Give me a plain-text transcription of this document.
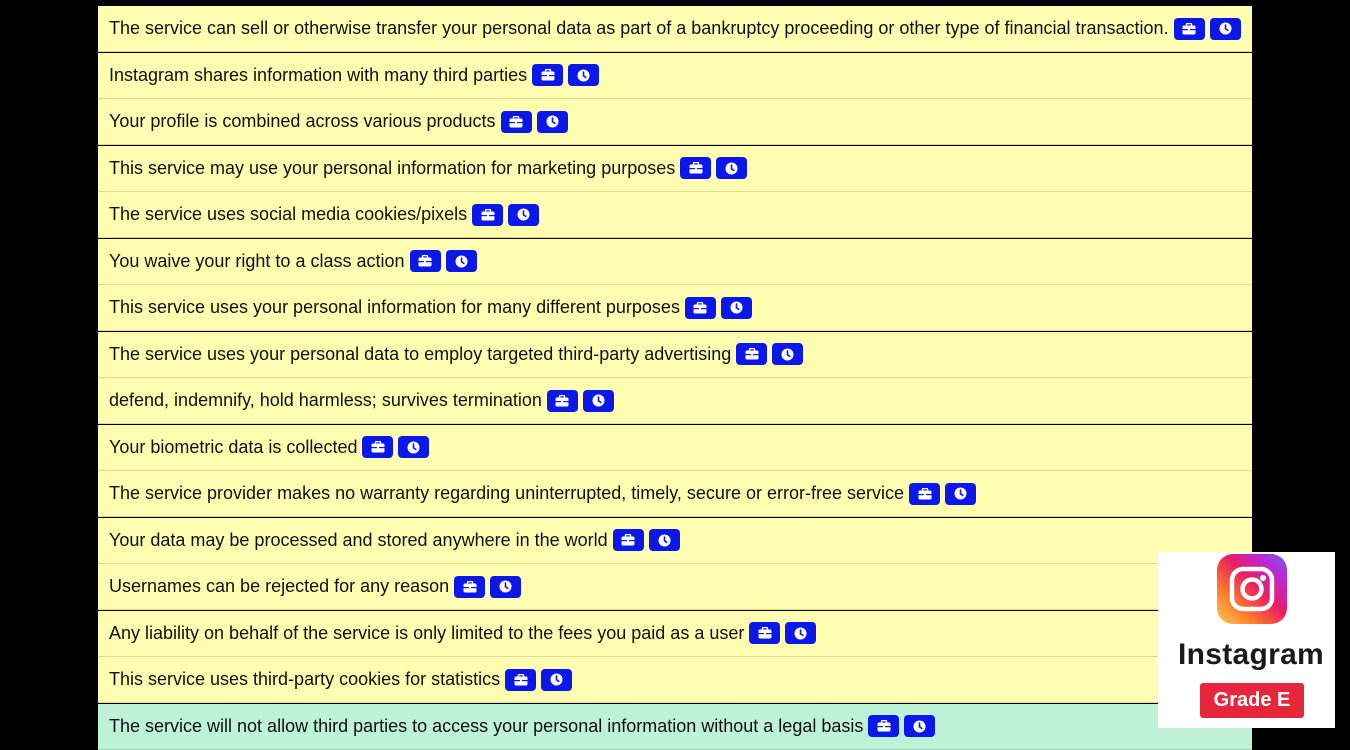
The service can sell or otherwise transfer your personal data as part of a bankruptcy proceeding or other type of financial transaction.
Instagram shares information with many third parties
Your profile is combined across various products
This service may use your personal information for marketing purposes
The service uses social media cookies/pixels
You waive your right to a class action
This service uses your personal information for many different purposes
The service uses your personal data to employ targeted third-party advertising
defend, indemnify, hold harmless; survives termination
Your biometric data is collected
The service provider makes no warranty regarding uninterrupted, timely, secure or error-free service
Your data may be processed and stored anywhere in the world
Usernames can be rejected for any reason
Any liability on behalf of the service is only limited to the fees you paid as a user
This service uses third-party cookies for statistics
The service will not allow third parties to access your personal information without a legal basis
Instagram
Grade E
